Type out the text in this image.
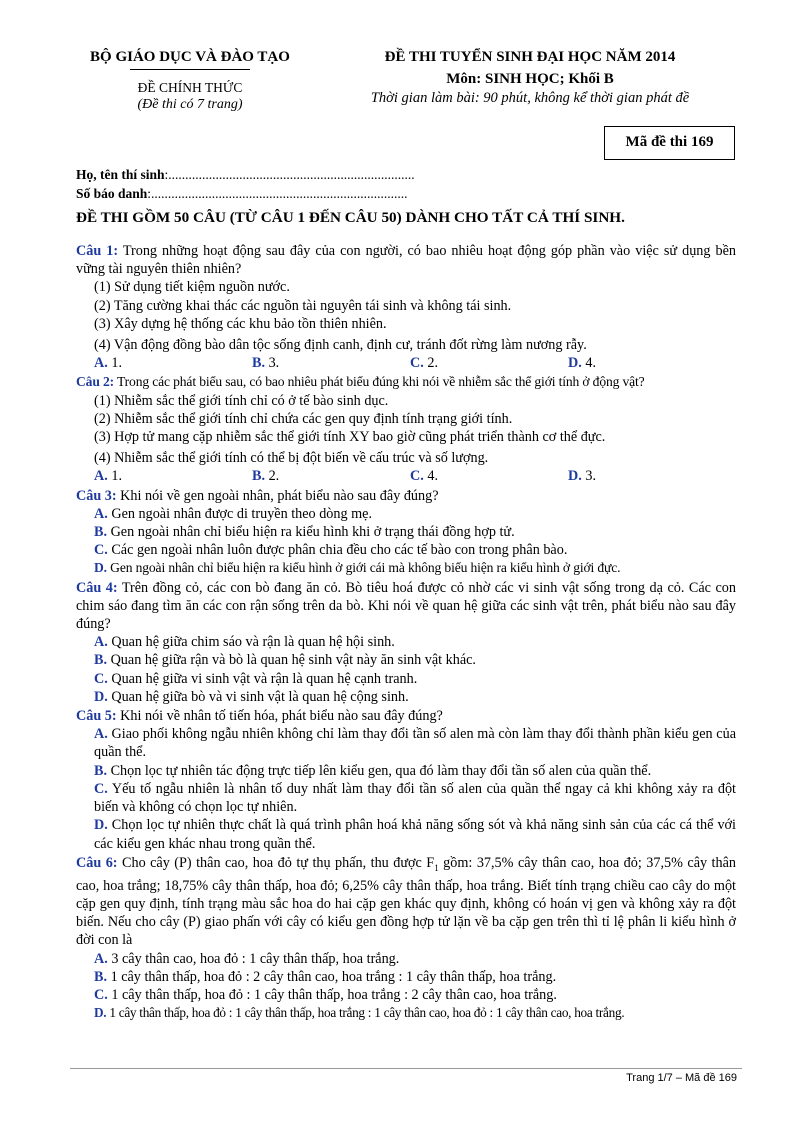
BỘ GIÁO DỤC VÀ ĐÀO TẠO
ĐỀ CHÍNH THỨC
(Đề thi có 7 trang)
ĐỀ THI TUYỂN SINH ĐẠI HỌC NĂM 2014
Môn: SINH HỌC; Khối B
Thời gian làm bài: 90 phút, không kể thời gian phát đề
Mã đề thi 169
Họ, tên thí sinh:.........................................................................
Số báo danh:............................................................................
ĐỀ THI GỒM 50 CÂU (TỪ CÂU 1 ĐẾN CÂU 50) DÀNH CHO TẤT CẢ THÍ SINH.
Câu 1: Trong những hoạt động sau đây của con người, có bao nhiêu hoạt động góp phần vào việc sử dụng bền vững tài nguyên thiên nhiên?
(1) Sử dụng tiết kiệm nguồn nước.
(2) Tăng cường khai thác các nguồn tài nguyên tái sinh và không tái sinh.
(3) Xây dựng hệ thống các khu bảo tồn thiên nhiên.
(4) Vận động đồng bào dân tộc sống định canh, định cư, tránh đốt rừng làm nương rẫy.
A. 1.	B. 3.	C. 2.	D. 4.
Câu 2: Trong các phát biểu sau, có bao nhiêu phát biểu đúng khi nói về nhiễm sắc thể giới tính ở động vật?
(1) Nhiễm sắc thể giới tính chỉ có ở tế bào sinh dục.
(2) Nhiễm sắc thể giới tính chỉ chứa các gen quy định tính trạng giới tính.
(3) Hợp tử mang cặp nhiễm sắc thể giới tính XY bao giờ cũng phát triển thành cơ thể đực.
(4) Nhiễm sắc thể giới tính có thể bị đột biến về cấu trúc và số lượng.
A. 1.	B. 2.	C. 4.	D. 3.
Câu 3: Khi nói về gen ngoài nhân, phát biểu nào sau đây đúng?
A. Gen ngoài nhân được di truyền theo dòng mẹ.
B. Gen ngoài nhân chỉ biểu hiện ra kiểu hình khi ở trạng thái đồng hợp tử.
C. Các gen ngoài nhân luôn được phân chia đều cho các tế bào con trong phân bào.
D. Gen ngoài nhân chỉ biểu hiện ra kiểu hình ở giới cái mà không biểu hiện ra kiểu hình ở giới đực.
Câu 4: Trên đồng cỏ, các con bò đang ăn cỏ. Bò tiêu hoá được cỏ nhờ các vi sinh vật sống trong dạ cỏ. Các con chim sáo đang tìm ăn các con rận sống trên da bò. Khi nói về quan hệ giữa các sinh vật trên, phát biểu nào sau đây đúng?
A. Quan hệ giữa chim sáo và rận là quan hệ hội sinh.
B. Quan hệ giữa rận và bò là quan hệ sinh vật này ăn sinh vật khác.
C. Quan hệ giữa vi sinh vật và rận là quan hệ cạnh tranh.
D. Quan hệ giữa bò và vi sinh vật là quan hệ cộng sinh.
Câu 5: Khi nói về nhân tố tiến hóa, phát biểu nào sau đây đúng?
A. Giao phối không ngẫu nhiên không chỉ làm thay đổi tần số alen mà còn làm thay đổi thành phần kiểu gen của quần thể.
B. Chọn lọc tự nhiên tác động trực tiếp lên kiểu gen, qua đó làm thay đổi tần số alen của quần thể.
C. Yếu tố ngẫu nhiên là nhân tố duy nhất làm thay đổi tần số alen của quần thể ngay cả khi không xảy ra đột biến và không có chọn lọc tự nhiên.
D. Chọn lọc tự nhiên thực chất là quá trình phân hoá khả năng sống sót và khả năng sinh sản của các cá thể với các kiểu gen khác nhau trong quần thể.
Câu 6: Cho cây (P) thân cao, hoa đỏ tự thụ phấn, thu được $F_1$ gồm: 37,5% cây thân cao, hoa đỏ; 37,5% cây thân cao, hoa trắng; 18,75% cây thân thấp, hoa đỏ; 6,25% cây thân thấp, hoa trắng. Biết tính trạng chiều cao cây do một cặp gen quy định, tính trạng màu sắc hoa do hai cặp gen khác quy định, không có hoán vị gen và không xảy ra đột biến. Nếu cho cây (P) giao phấn với cây có kiểu gen đồng hợp tử lặn về ba cặp gen trên thì tỉ lệ phân li kiểu hình ở đời con là
A. 3 cây thân cao, hoa đỏ : 1 cây thân thấp, hoa trắng.
B. 1 cây thân thấp, hoa đỏ : 2 cây thân cao, hoa trắng : 1 cây thân thấp, hoa trắng.
C. 1 cây thân thấp, hoa đỏ : 1 cây thân thấp, hoa trắng : 2 cây thân cao, hoa trắng.
D. 1 cây thân thấp, hoa đỏ : 1 cây thân thấp, hoa trắng : 1 cây thân cao, hoa đỏ : 1 cây thân cao, hoa trắng.
Trang 1/7 – Mã đề 169
